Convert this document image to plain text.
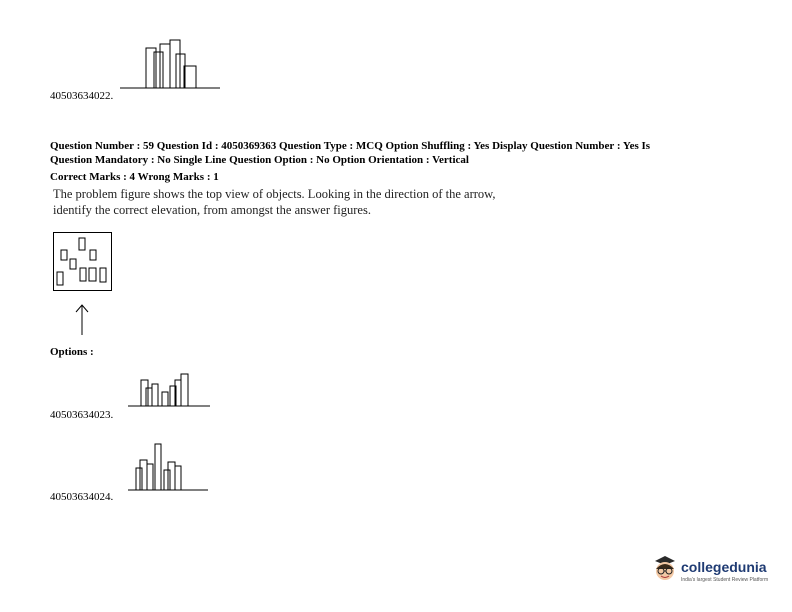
40503634022.
Question Number : 59 Question Id : 4050369363 Question Type : MCQ Option Shuffling : Yes Display Question Number : Yes Is
Question Mandatory : No Single Line Question Option : No Option Orientation : Vertical
Correct Marks : 4 Wrong Marks : 1
The problem figure shows the top view of objects. Looking in the direction of the arrow,
identify the correct elevation, from amongst the answer figures.
Options :
40503634023.
40503634024.
collegedunia
India's largest Student Review Platform
